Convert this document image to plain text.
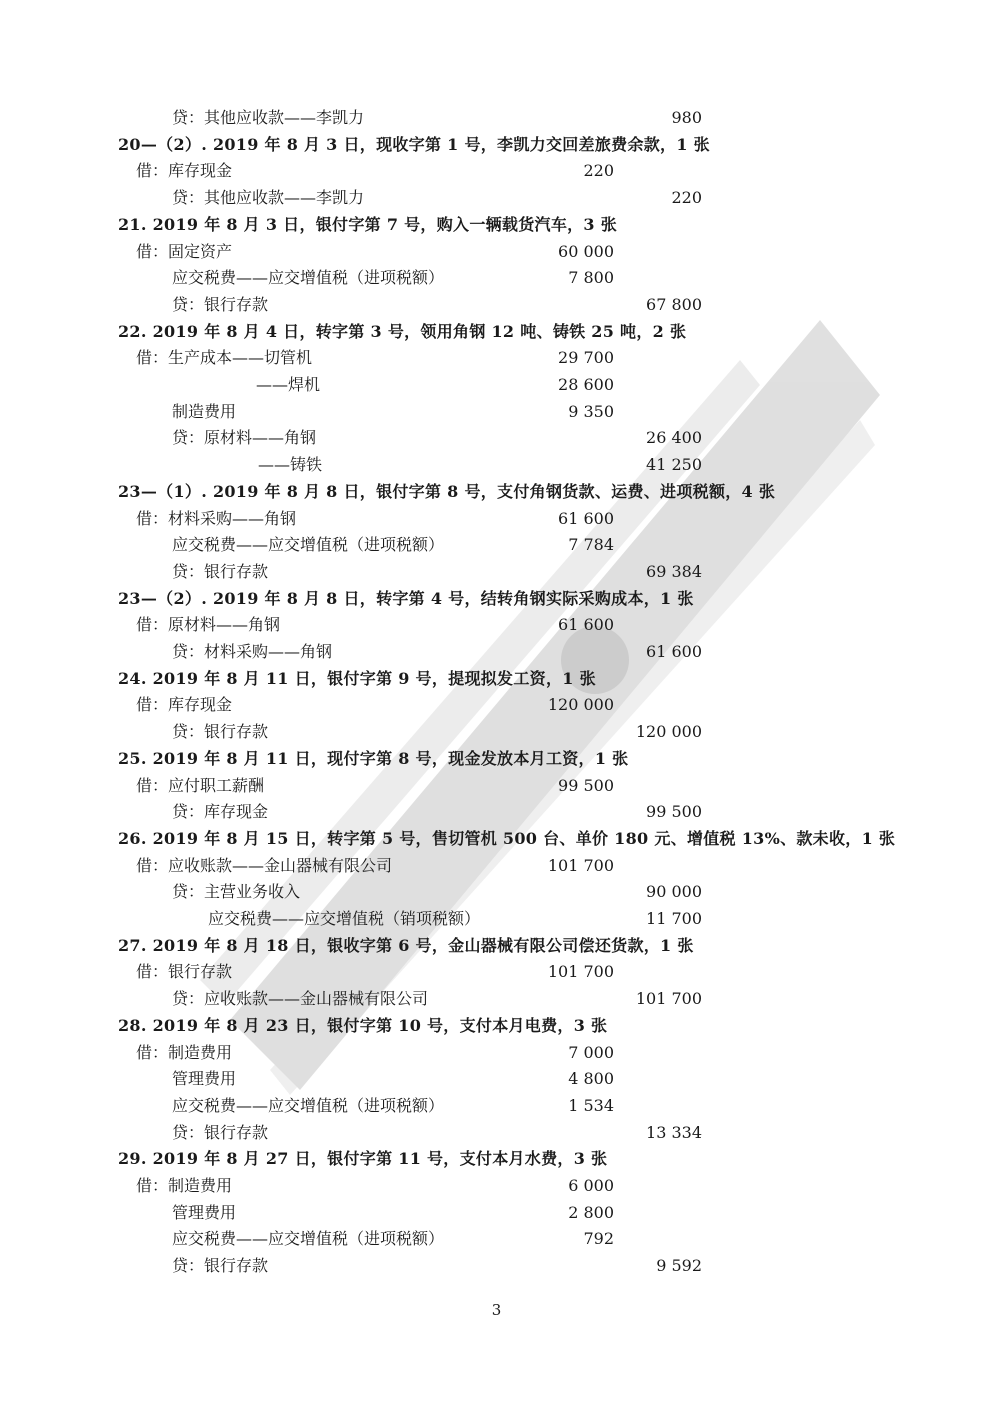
贷：其他应收款——李凯力	980
20—（2）. 2019 年 8 月 3 日，现收字第 1 号，李凯力交回差旅费余款，1 张
借：库存现金	220
贷：其他应收款——李凯力	220
21. 2019 年 8 月 3 日，银付字第 7 号，购入一辆载货汽车，3 张
借：固定资产	60 000
应交税费——应交增值税（进项税额）	7 800
贷：银行存款	67 800
22. 2019 年 8 月 4 日，转字第 3 号，领用角钢 12 吨、铸铁 25 吨，2 张
借：生产成本——切管机	29 700
——焊机	28 600
制造费用	9 350
贷：原材料——角钢	26 400
——铸铁	41 250
23—（1）. 2019 年 8 月 8 日，银付字第 8 号，支付角钢货款、运费、进项税额，4 张
借：材料采购——角钢	61 600
应交税费——应交增值税（进项税额）	7 784
贷：银行存款	69 384
23—（2）. 2019 年 8 月 8 日，转字第 4 号，结转角钢实际采购成本，1 张
借：原材料——角钢	61 600
贷：材料采购——角钢	61 600
24. 2019 年 8 月 11 日，银付字第 9 号，提现拟发工资，1 张
借：库存现金	120 000
贷：银行存款	120 000
25. 2019 年 8 月 11 日，现付字第 8 号，现金发放本月工资，1 张
借：应付职工薪酬	99 500
贷：库存现金	99 500
26. 2019 年 8 月 15 日，转字第 5 号，售切管机 500 台、单价 180 元、增值税 13%、款未收，1 张
借：应收账款——金山器械有限公司	101 700
贷：主营业务收入	90 000
应交税费——应交增值税（销项税额）	11 700
27. 2019 年 8 月 18 日，银收字第 6 号，金山器械有限公司偿还货款，1 张
借：银行存款	101 700
贷：应收账款——金山器械有限公司	101 700
28. 2019 年 8 月 23 日，银付字第 10 号，支付本月电费，3 张
借：制造费用	7 000
管理费用	4 800
应交税费——应交增值税（进项税额）	1 534
贷：银行存款	13 334
29. 2019 年 8 月 27 日，银付字第 11 号，支付本月水费，3 张
借：制造费用	6 000
管理费用	2 800
应交税费——应交增值税（进项税额）	792
贷：银行存款	9 592
3
